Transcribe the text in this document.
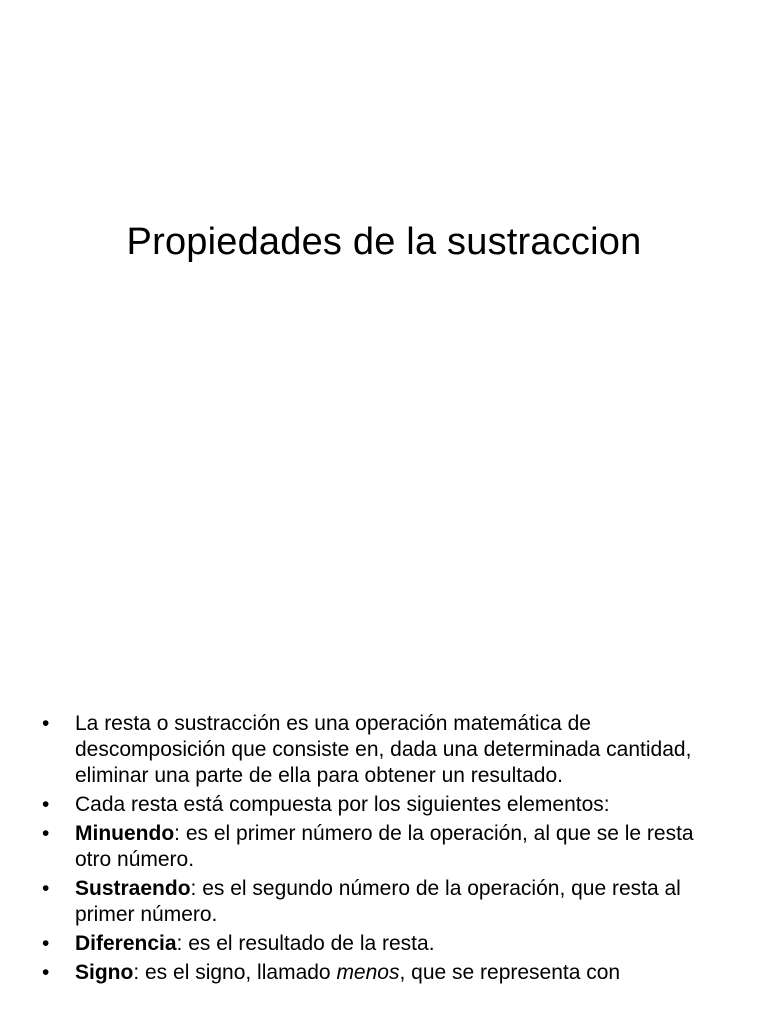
Propiedades de la sustraccion
• La resta o sustracción es una operación matemática de descomposición que consiste en, dada una determinada cantidad, eliminar una parte de ella para obtener un resultado.
• Cada resta está compuesta por los siguientes elementos:
• Minuendo: es el primer número de la operación, al que se le resta otro número.
• Sustraendo: es el segundo número de la operación, que resta al primer número.
• Diferencia: es el resultado de la resta.
• Signo: es el signo, llamado menos, que se representa con
